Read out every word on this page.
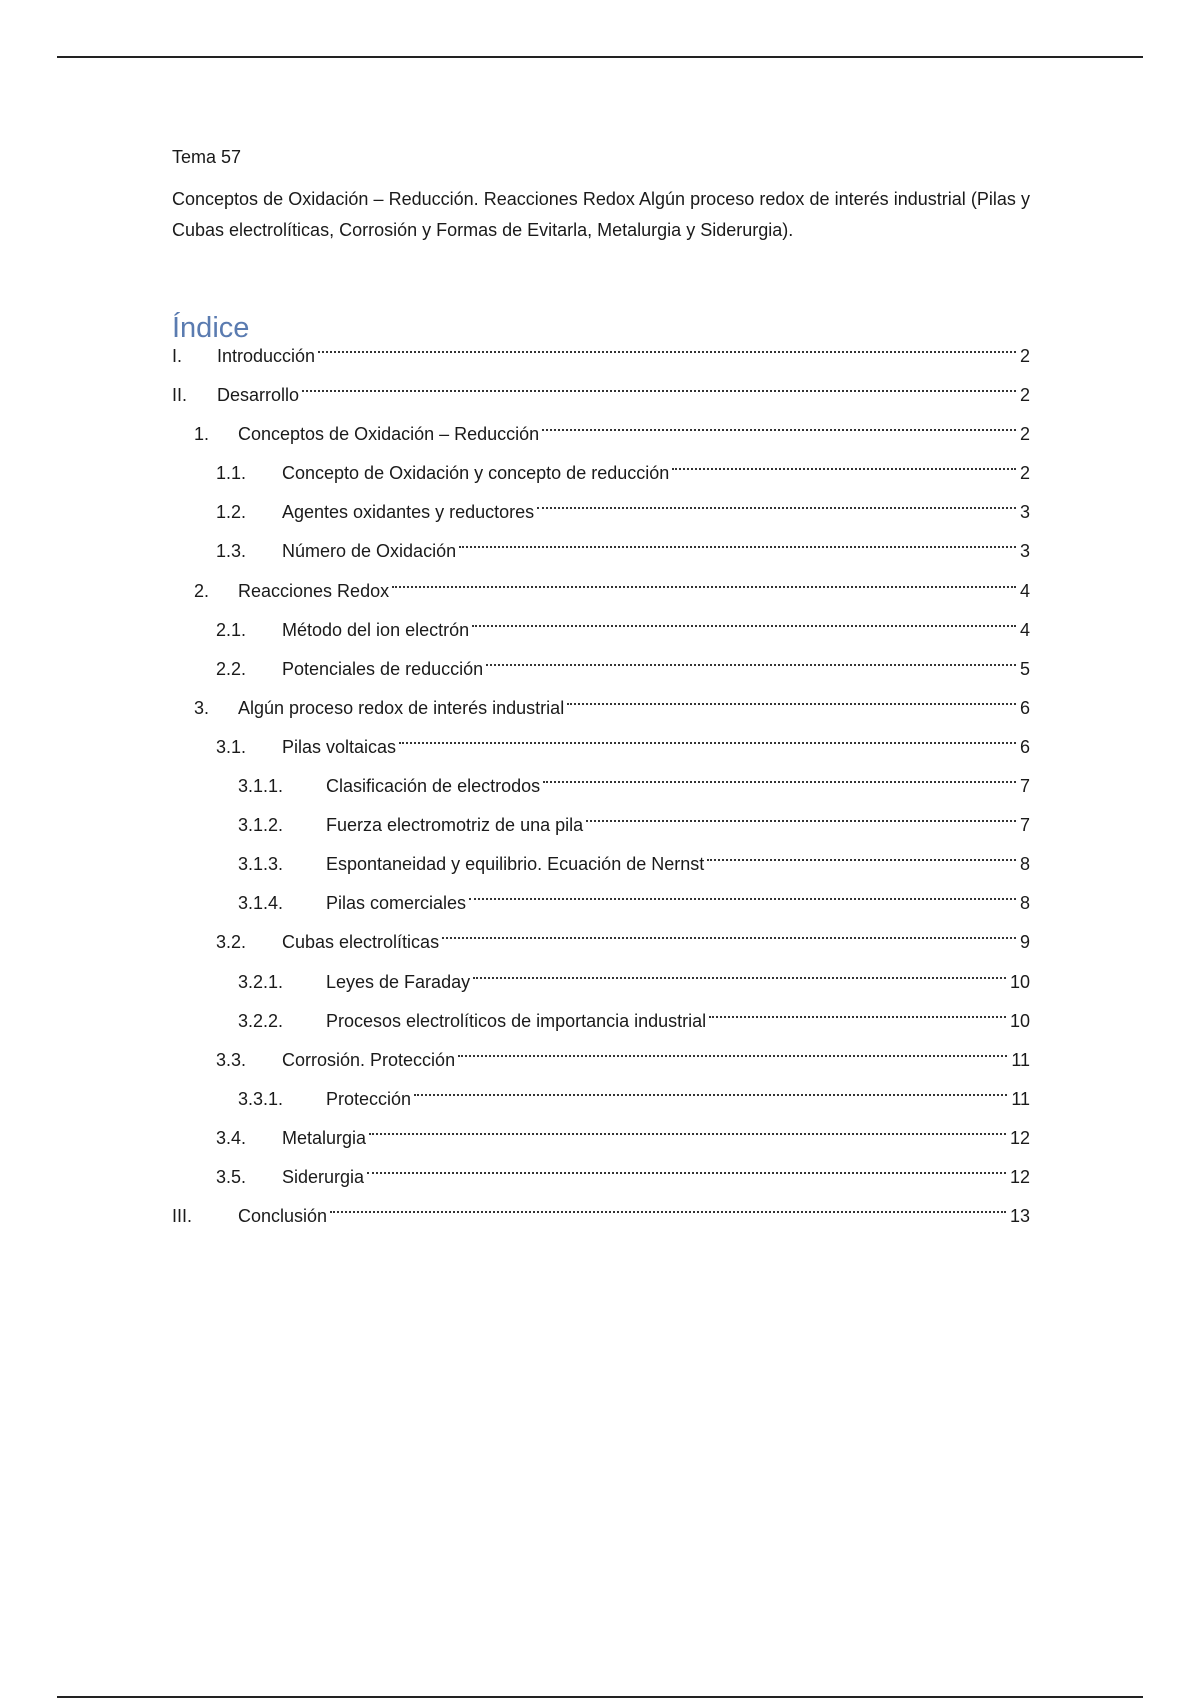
Tema 57

Conceptos de Oxidación – Reducción. Reacciones Redox Algún proceso redox de interés industrial (Pilas y Cubas electrolíticas, Corrosión y Formas de Evitarla, Metalurgia y Siderurgia).

Índice
I. Introducción	2
II. Desarrollo	2
1. Conceptos de Oxidación – Reducción	2
1.1. Concepto de Oxidación y concepto de reducción	2
1.2. Agentes oxidantes y reductores	3
1.3. Número de Oxidación	3
2. Reacciones Redox	4
2.1. Método del ion electrón	4
2.2. Potenciales de reducción	5
3. Algún proceso redox de interés industrial	6
3.1. Pilas voltaicas	6
3.1.1. Clasificación de electrodos	7
3.1.2. Fuerza electromotriz de una pila	7
3.1.3. Espontaneidad y equilibrio. Ecuación de Nernst	8
3.1.4. Pilas comerciales	8
3.2. Cubas electrolíticas	9
3.2.1. Leyes de Faraday	10
3.2.2. Procesos electrolíticos de importancia industrial	10
3.3. Corrosión. Protección	11
3.3.1. Protección	11
3.4. Metalurgia	12
3.5. Siderurgia	12
III.	Conclusión	13
